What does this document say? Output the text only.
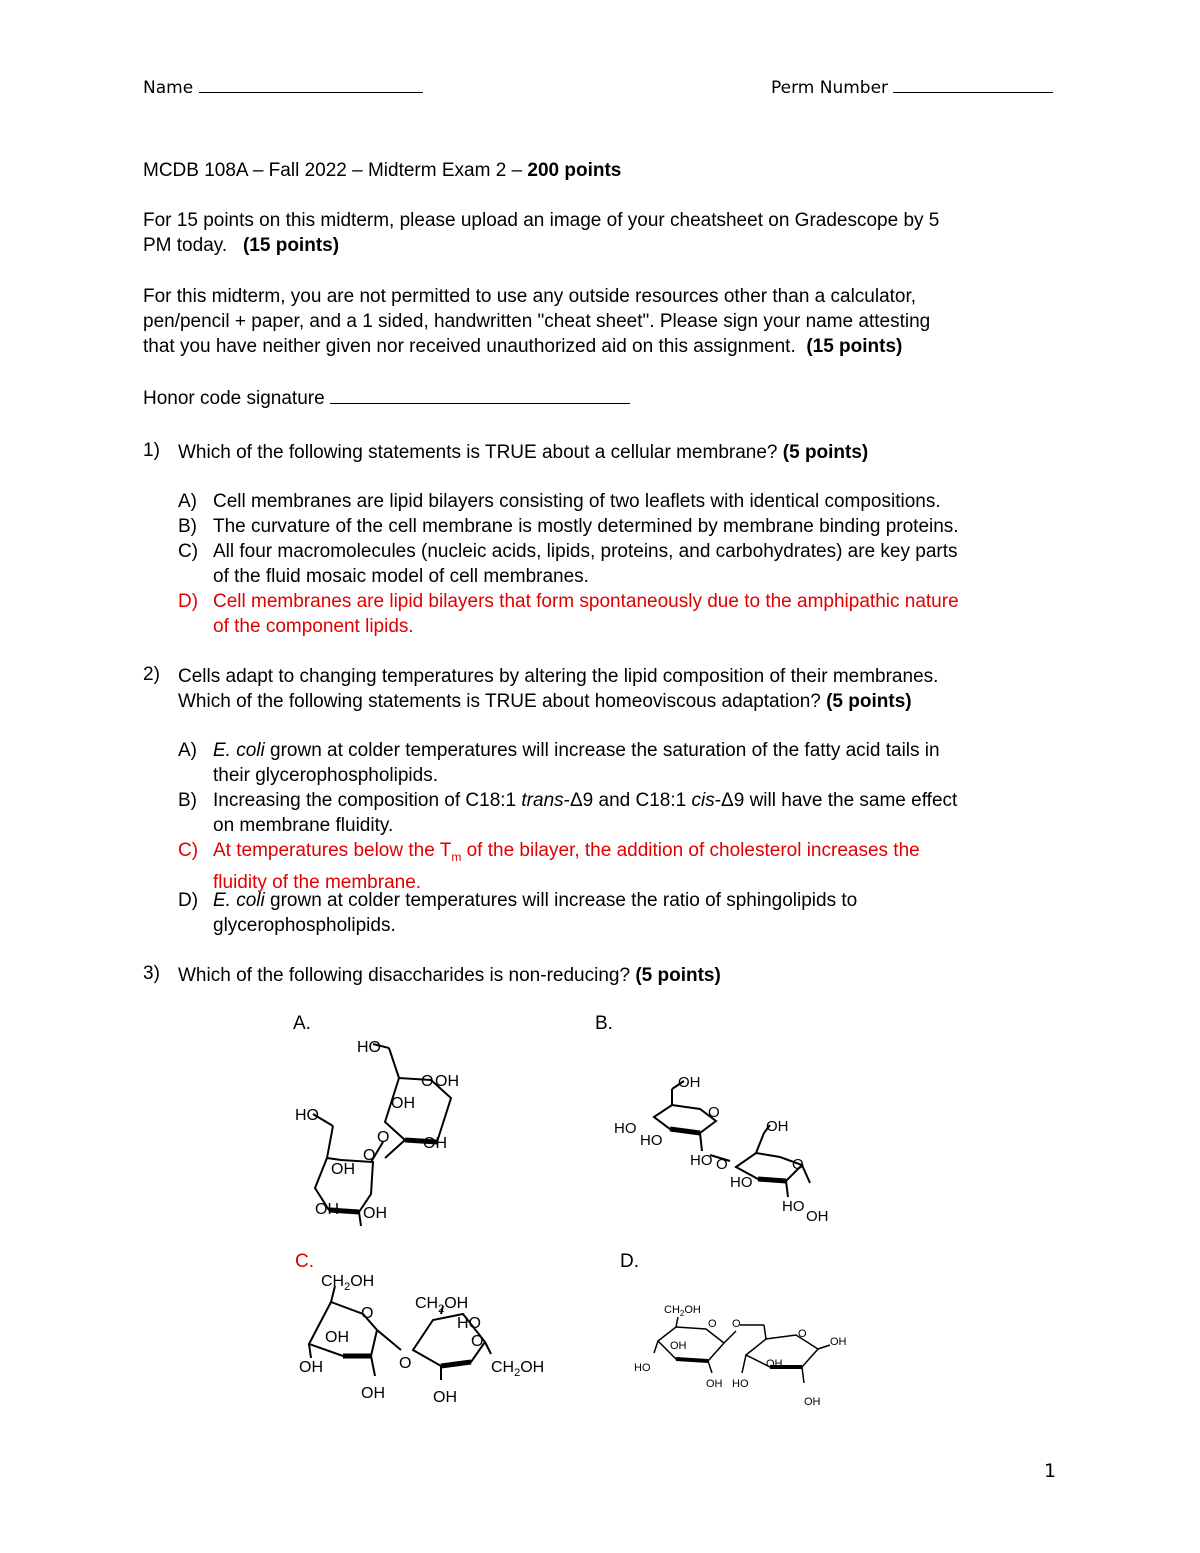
Name	Perm Number
MCDB 108A – Fall 2022 – Midterm Exam 2 – 200 points
For 15 points on this midterm, please upload an image of your cheatsheet on Gradescope by 5
PM today. (15 points)
For this midterm, you are not permitted to use any outside resources other than a calculator,
pen/pencil + paper, and a 1 sided, handwritten "cheat sheet". Please sign your name attesting
that you have neither given nor received unauthorized aid on this assignment. (15 points)
Honor code signature
1) Which of the following statements is TRUE about a cellular membrane? (5 points)
A) Cell membranes are lipid bilayers consisting of two leaflets with identical compositions.
B) The curvature of the cell membrane is mostly determined by membrane binding proteins.
C) All four macromolecules (nucleic acids, lipids, proteins, and carbohydrates) are key parts
of the fluid mosaic model of cell membranes.
D) Cell membranes are lipid bilayers that form spontaneously due to the amphipathic nature
of the component lipids.
2) Cells adapt to changing temperatures by altering the lipid composition of their membranes.
Which of the following statements is TRUE about homeoviscous adaptation? (5 points)
A) E. coli grown at colder temperatures will increase the saturation of the fatty acid tails in
their glycerophospholipids.
B) Increasing the composition of C18:1 trans-Δ9 and C18:1 cis-Δ9 will have the same effect
on membrane fluidity.
C) At temperatures below the $T_m$ of the bilayer, the addition of cholesterol increases the
fluidity of the membrane.
D) E. coli grown at colder temperatures will increase the ratio of sphingolipids to
glycerophospholipids.
3) Which of the following disaccharides is non-reducing? (5 points)
A.	B.
C.	D.
HO
O OH
OH
HO
O OH
O
OH
OH OH
OH
HO
HO
O
HO O
OH
O
HO
HO
OH
$CH_2OH$
O
OH
OH
OH
O
$CH_2OH$
HO
O
$CH_2OH$
OH
$CH_2OH$
O O
OH
HO
OH HO
O
OH
OH
OH
1
